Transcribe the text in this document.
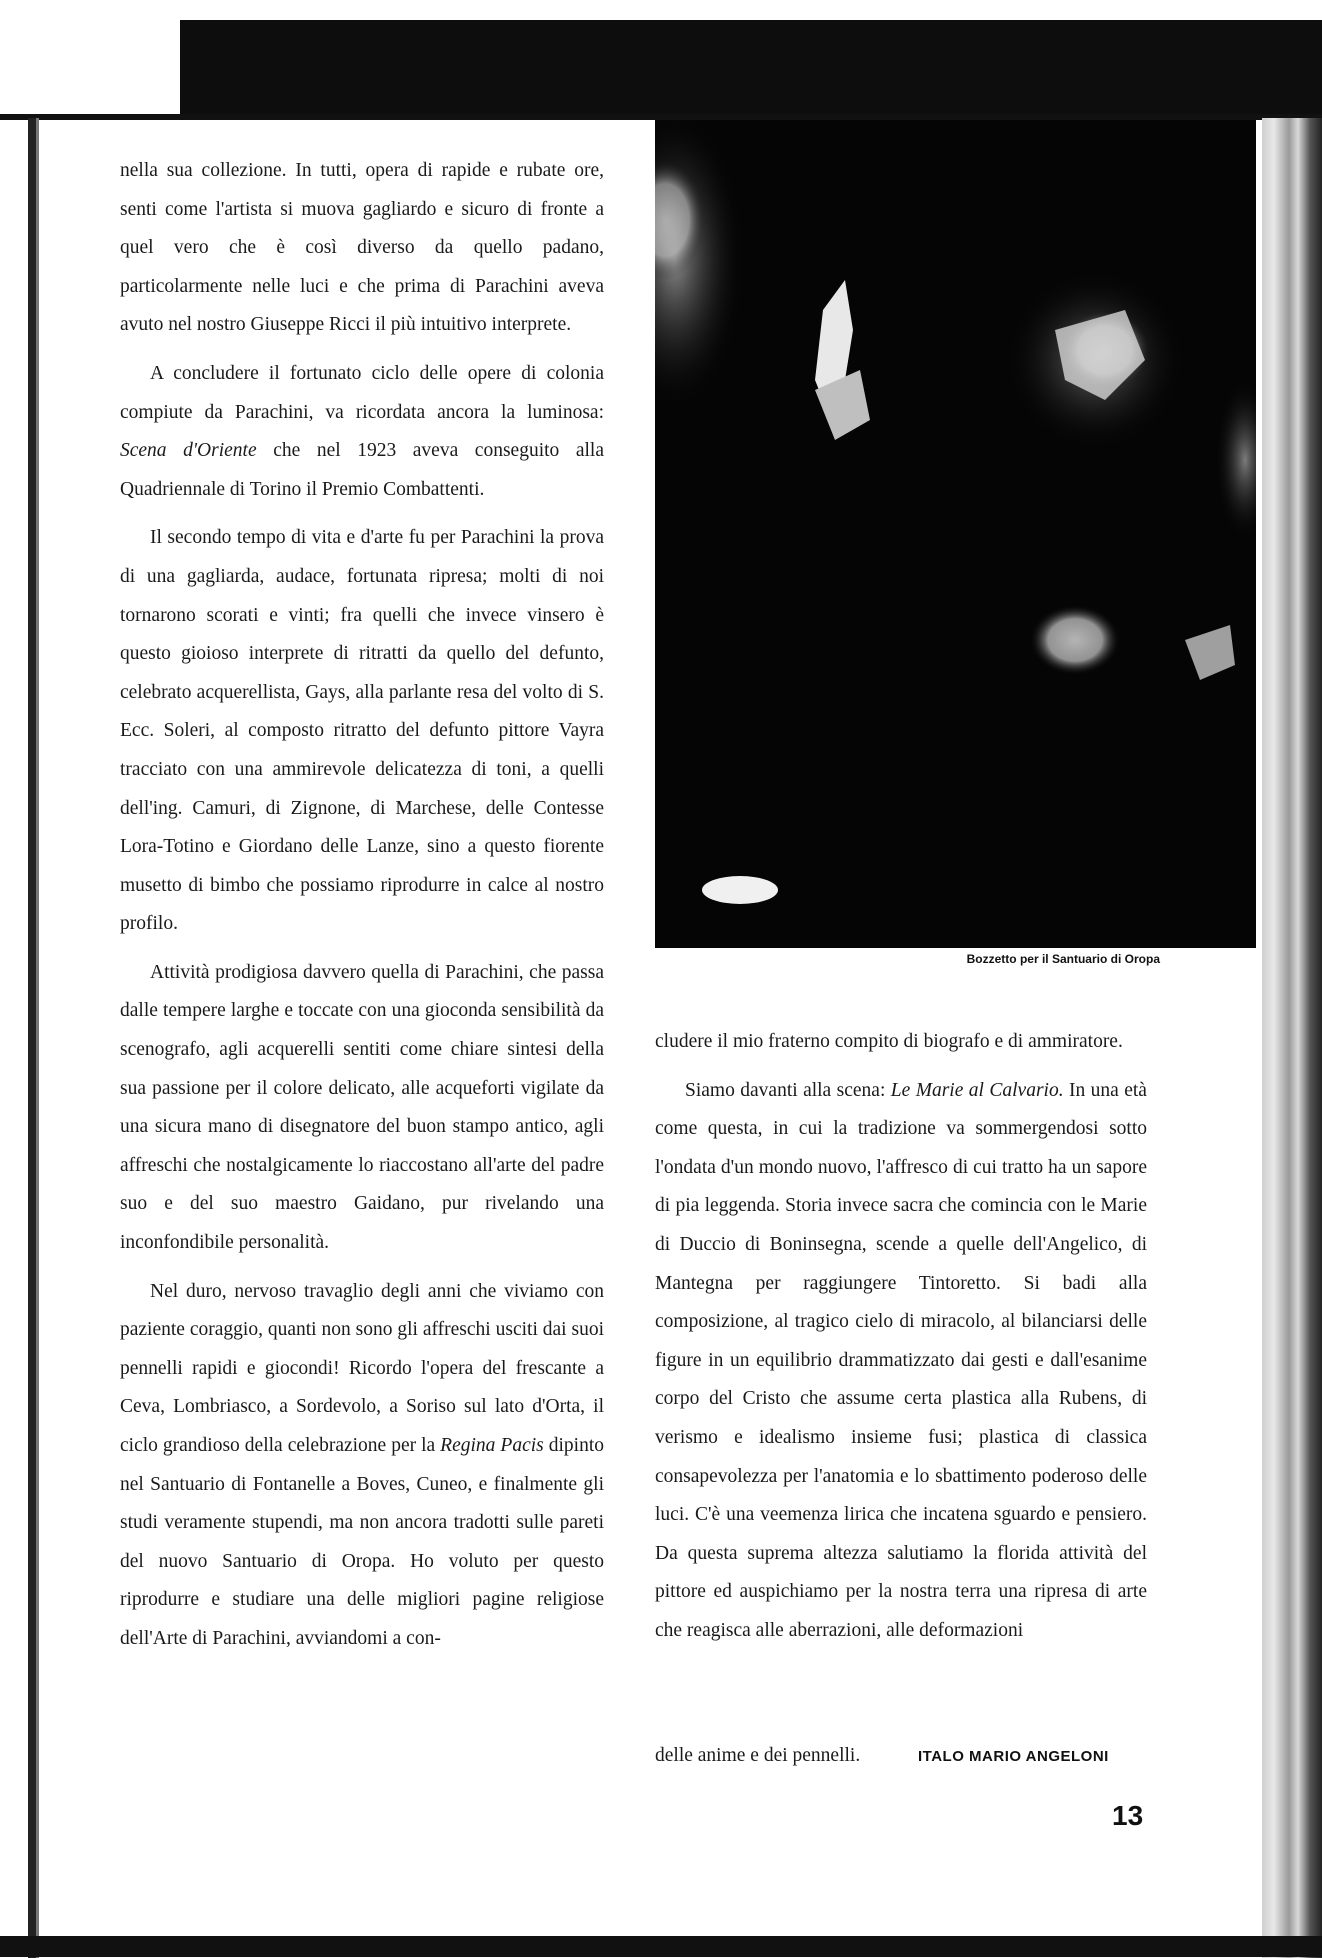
nella sua collezione. In tutti, opera di rapide e rubate ore, senti come l'artista si muova gagliardo e sicuro di fronte a quel vero che è così diverso da quello padano, particolarmente nelle luci e che prima di Parachini aveva avuto nel nostro Giuseppe Ricci il più intuitivo interprete.

A concludere il fortunato ciclo delle opere di colonia compiute da Parachini, va ricordata ancora la luminosa: Scena d'Oriente che nel 1923 aveva conseguito alla Quadriennale di Torino il Premio Combattenti.

Il secondo tempo di vita e d'arte fu per Parachini la prova di una gagliarda, audace, fortunata ripresa; molti di noi tornarono scorati e vinti; fra quelli che invece vinsero è questo gioioso interprete di ritratti da quello del defunto, celebrato acquerellista, Gays, alla parlante resa del volto di S. Ecc. Soleri, al composto ritratto del defunto pittore Vayra tracciato con una ammirevole delicatezza di toni, a quelli dell'ing. Camuri, di Zignone, di Marchese, delle Contesse Lora-Totino e Giordano delle Lanze, sino a questo fiorente musetto di bimbo che possiamo riprodurre in calce al nostro profilo.

Attività prodigiosa davvero quella di Parachini, che passa dalle tempere larghe e toccate con una gioconda sensibilità da scenografo, agli acquerelli sentiti come chiare sintesi della sua passione per il colore delicato, alle acqueforti vigilate da una sicura mano di disegnatore del buon stampo antico, agli affreschi che nostalgicamente lo riaccostano all'arte del padre suo e del suo maestro Gaidano, pur rivelando una inconfondibile personalità.

Nel duro, nervoso travaglio degli anni che viviamo con paziente coraggio, quanti non sono gli affreschi usciti dai suoi pennelli rapidi e giocondi! Ricordo l'opera del frescante a Ceva, Lombriasco, a Sordevolo, a Soriso sul lato d'Orta, il ciclo grandioso della celebrazione per la Regina Pacis dipinto nel Santuario di Fontanelle a Boves, Cuneo, e finalmente gli studi veramente stupendi, ma non ancora tradotti sulle pareti del nuovo Santuario di Oropa. Ho voluto per questo riprodurre e studiare una delle migliori pagine religiose dell'Arte di Parachini, avviandomi a con-

Bozzetto per il Santuario di Oropa

cludere il mio fraterno compito di biografo e di ammiratore.

Siamo davanti alla scena: Le Marie al Calvario. In una età come questa, in cui la tradizione va sommergendosi sotto l'ondata d'un mondo nuovo, l'affresco di cui tratto ha un sapore di pia leggenda. Storia invece sacra che comincia con le Marie di Duccio di Boninsegna, scende a quelle dell'Angelico, di Mantegna per raggiungere Tintoretto. Si badi alla composizione, al tragico cielo di miracolo, al bilanciarsi delle figure in un equilibrio drammatizzato dai gesti e dall'esanime corpo del Cristo che assume certa plastica alla Rubens, di verismo e idealismo insieme fusi; plastica di classica consapevolezza per l'anatomia e lo sbattimento poderoso delle luci. C'è una veemenza lirica che incatena sguardo e pensiero. Da questa suprema altezza salutiamo la florida attività del pittore ed auspichiamo per la nostra terra una ripresa di arte che reagisca alle aberrazioni, alle deformazioni

delle anime e dei pennelli.	ITALO MARIO ANGELONI
13
